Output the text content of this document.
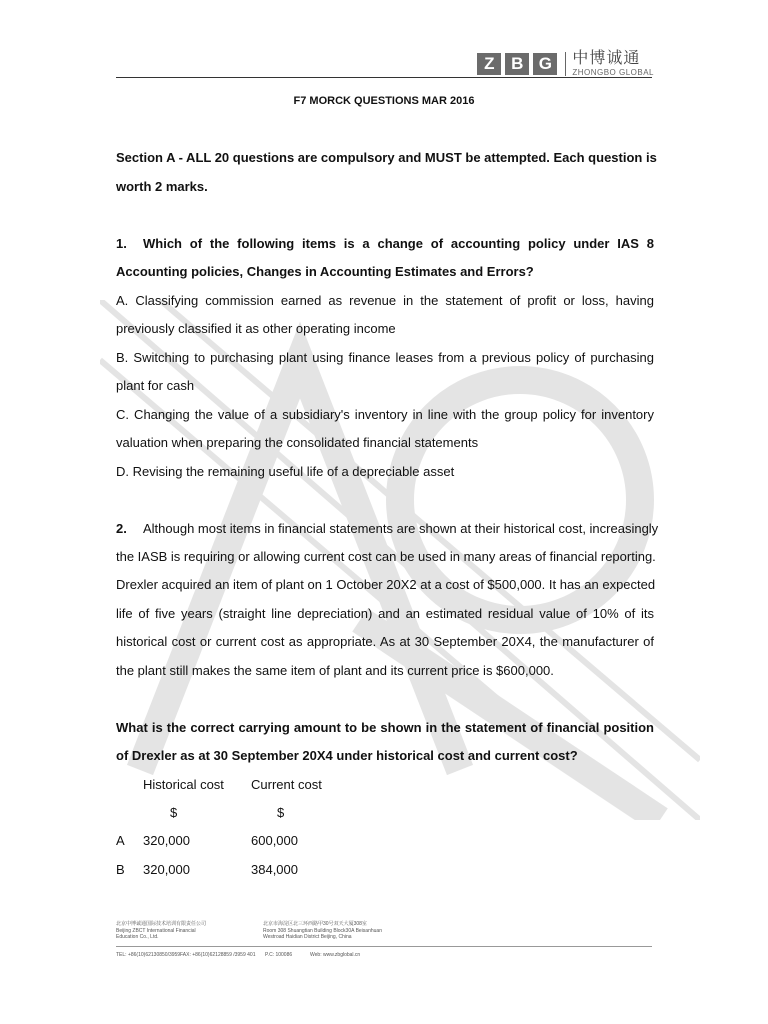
Z B G	中博诚通
ZHONGBO GLOBAL
F7 MORCK QUESTIONS MAR 2016
Section A - ALL 20 questions are compulsory and MUST be attempted. Each question is
worth 2 marks.
1. Which of the following items is a change of accounting policy under IAS 8
Accounting policies, Changes in Accounting Estimates and Errors?
A. Classifying commission earned as revenue in the statement of profit or loss, having
previously classified it as other operating income
B. Switching to purchasing plant using finance leases from a previous policy of purchasing
plant for cash
C. Changing the value of a subsidiary's inventory in line with the group policy for inventory
valuation when preparing the consolidated financial statements
D. Revising the remaining useful life of a depreciable asset
2. Although most items in financial statements are shown at their historical cost, increasingly
the IASB is requiring or allowing current cost can be used in many areas of financial reporting.
Drexler acquired an item of plant on 1 October 20X2 at a cost of $500,000. It has an expected
life of five years (straight line depreciation) and an estimated residual value of 10% of its
historical cost or current cost as appropriate. As at 30 September 20X4, the manufacturer of
the plant still makes the same item of plant and its current price is $600,000.
What is the correct carrying amount to be shown in the statement of financial position
of Drexler as at 30 September 20X4 under historical cost and current cost?
Historical cost Current cost
$	$
A 320,000	600,000
B 320,000	384,000
北京中博诚通国际技术培训有限责任公司
Beijing ZBCT International Financial
Education Co., Ltd.
北京市海淀区北三环西路甲30号双天大厦308室
Room 308 Shuangtian Building Block30A Beisanhuan
Westroad Haidian District Beijing, China
TEL: +86(10)62130850/3959 FAX: +86(10)62128859 /3959 401 P.C: 100086	Web: www.zbglobal.cn
